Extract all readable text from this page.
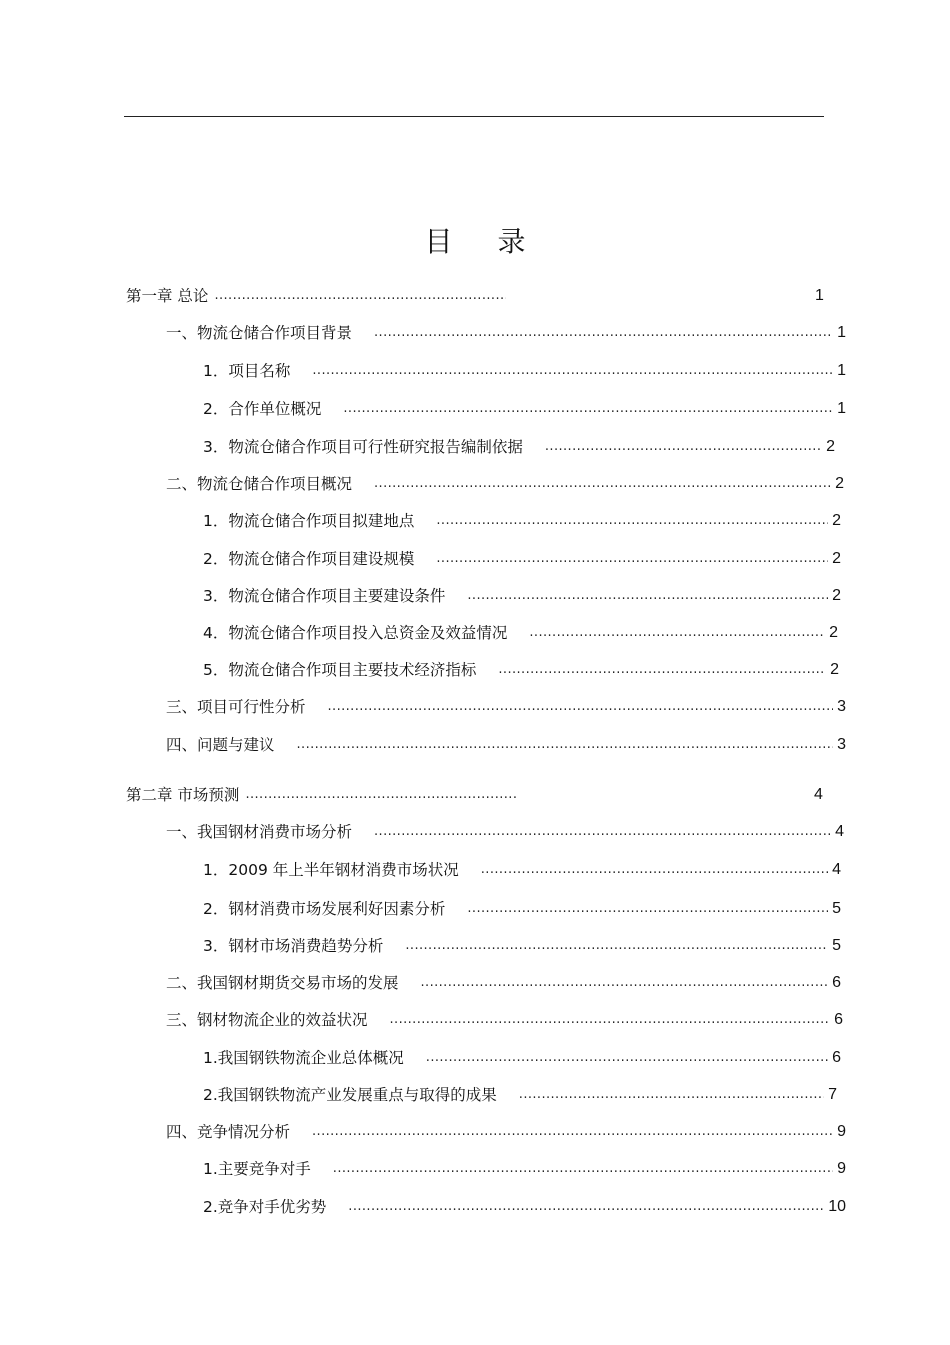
目 录
第一章 总论 .....	1
一、物流仓储合作项目背景 .....	1
1．项目名称 .....	1
2．合作单位概况 .....	1
3．物流仓储合作项目可行性研究报告编制依据 .....	2
二、物流仓储合作项目概况 .....	2
1．物流仓储合作项目拟建地点 .....	2
2．物流仓储合作项目建设规模 .....	2
3．物流仓储合作项目主要建设条件 .....	2
4．物流仓储合作项目投入总资金及效益情况 .....	2
5．物流仓储合作项目主要技术经济指标 .....	2
三、项目可行性分析 .....	3
四、问题与建议 .....	3
第二章 市场预测 .....	4
一、我国钢材消费市场分析 .....	4
1．2009 年上半年钢材消费市场状况 .....	4
2．钢材消费市场发展利好因素分析 .....	5
3．钢材市场消费趋势分析 .....	5
二、我国钢材期货交易市场的发展 .....	6
三、钢材物流企业的效益状况 .....	6
1.我国钢铁物流企业总体概况 .....	6
2.我国钢铁物流产业发展重点与取得的成果 .....	7
四、竞争情况分析 .....	9
1.主要竞争对手 .....	9
2.竞争对手优劣势 .....	10
